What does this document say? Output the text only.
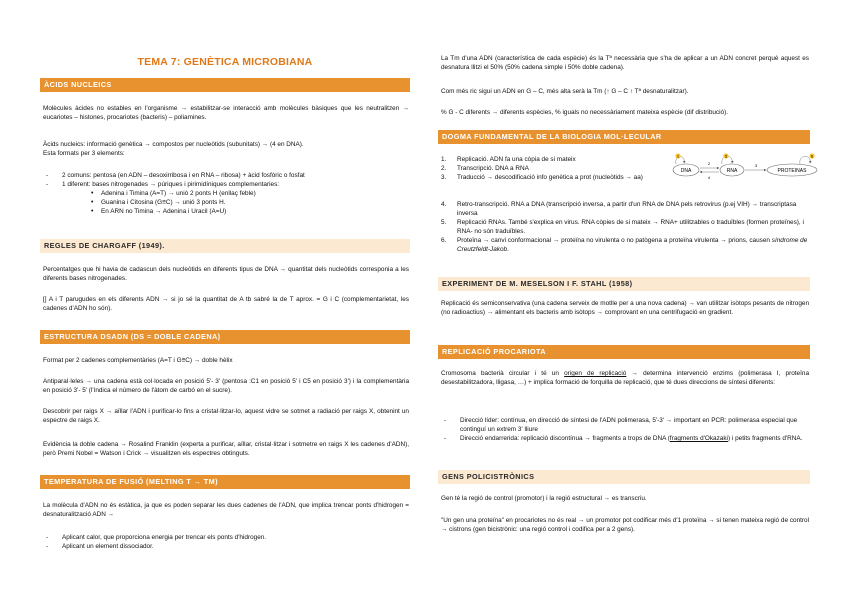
TEMA 7: GENÈTICA MICROBIANA
ÀCIDS NUCLEICS

Molècules àcides no estables en l'organisme → estabilitzar-se interacció amb molècules bàsiques que les neutralitzen → eucariotes – histones, procariotes (bacteris) – poliamines.

Àcids nucleics: informació genètica → compostos per nucleòtids (subunitats) → (4 en DNA).

Esta formats per 3 elements:

- 2 comuns: pentosa (en ADN – desoxirribosa i en RNA – ribosa) + àcid fosfòric o fosfat

- 1 diferent: bases nitrogenades → púriques i pirimidíniques complementaries:

• Adenina i Timina (A=T) → unió 2 ponts H (enllaç feble)

• Guanina i Citosina (G≡C) → unió 3 ponts H.

• En ARN no Timina → Adenina i Uracil (A=U)

REGLES DE CHARGAFF (1949).

Percentatges que hi havia de cadascun dels nucleòtids en diferents tipus de DNA → quantitat dels nucleòtids corresponia a les diferents bases nitrogenades.

[] A i T parugudes en els diferents ADN → si jo sé la quantitat de A tb sabré la de T aprox. = G i C (complementarietat, les cadenes d'ADN ho són).

ESTRUCTURA DSADN (DS = DOBLE CADENA)

Format per 2 cadenes complementàries (A=T i G≡C) → doble hèlix

Antiparal·leles → una cadena està col·locada en posició 5'- 3' (pentosa :C1 en posició 5' i C5 en posició 3') i la complementària en posició 3'- 5' (l'índica el número de l'àtom de carbó en el sucre).

Descobrir per raigs X → aïllar l'ADN i purificar-lo fins a cristal·litzar-lo, aquest vidre se sotmet a radiació per raigs X, obtenint un espectre de raigs X.

Evidència la doble cadena → Rosalind Franklin (experta a purificar, aïllar, cristal·litzar i sotmetre en raigs X les cadenes d'ADN), però Premi Nobel = Watson i Crick → visualitzen els espectres obtinguts.

TEMPERATURA DE FUSIÓ (MELTING T → TM)

La molècula d'ADN no és estàtica, ja que es poden separar les dues cadenes de l'ADN, que implica trencar ponts d'hidrogen = desnaturalització ADN →

- Aplicant calor, que proporciona energia per trencar els ponts d'hidrogen.

- Aplicant un element dissociador.

La Tm d'una ADN (característica de cada espècie) és la Tª necessària que s'ha de aplicar a un ADN concret perquè aquest es desnatura llitzi el 50% (50% cadena simple i 50% doble cadena).

Com més ric sigui un ADN en G – C, més alta serà la Tm (↑ G – C ↑ Tª desnaturalitzar).

% G - C diferents → diferents espècies, % iguals no necessàriament mateixa espècie (dif distribució).

DOGMA FUNDAMENTAL DE LA BIOLOGIA MOL·LECULAR

1. Replicació. ADN fa una còpia de si mateix

2. Transcripció. DNA a RNA

3. Traducció → descodificació info genètica a prot (nucleòtids → aa)

4. Retro-transcripció. RNA a DNA (transcripció inversa, a partir d'un RNA de DNA pels retrovirus (p.ej VIH) → transcriptasa inversa

5. Replicació RNAs. També s'explica en virus. RNA còpies de si mateix → RNA+ utilitzables o traduïbles (formen proteïnes), i RNA- no són traduïbles.

6. Proteïna → canvi conformacional → proteïna no virulenta o no patògena a proteïna virulenta → prions, causen síndrome de Creutzfeldt-Jakob.

DNA	RNA	PROTEINAS
1
2	3
4
5	6
EXPERIMENT DE M. MESELSON I F. STAHL (1958)

Replicació és semiconservativa (una cadena serveix de motlle per a una nova cadena) → van utilitzar isòtops pesants de nitrogen (no radioactius) → alimentant els bacteris amb isòtops → comprovant en una centrifugació en gradient.

REPLICACIÓ PROCARIOTA

Cromosoma bacterià circular i té un origen de replicació → determina intervenció enzims (polimerasa I, proteïna desestabilitzadora, lligasa, …) + implica formació de forquilla de replicació, que té dues direccions de síntesi diferents:

- Direcció líder: contínua, en direcció de síntesi de l'ADN polimerasa, 5'-3' → important en PCR: polimerasa especial que continguí un extrem 3' lliure

- Direcció endarrerida: replicació discontínua → fragments a trops de DNA (fragments d'Okazaki) i petits fragments d'RNA.

GENS POLICISTRÒNICS

Gen té la regió de control (promotor) i la regió estructural → es transcriu.

"Un gen una proteïna" en procariotes no és real → un promotor pot codificar més d'1 proteïna → si tenen mateixa regió de control → cistrons (gen bicistrònic: una regió control i codifica per a 2 gens).
